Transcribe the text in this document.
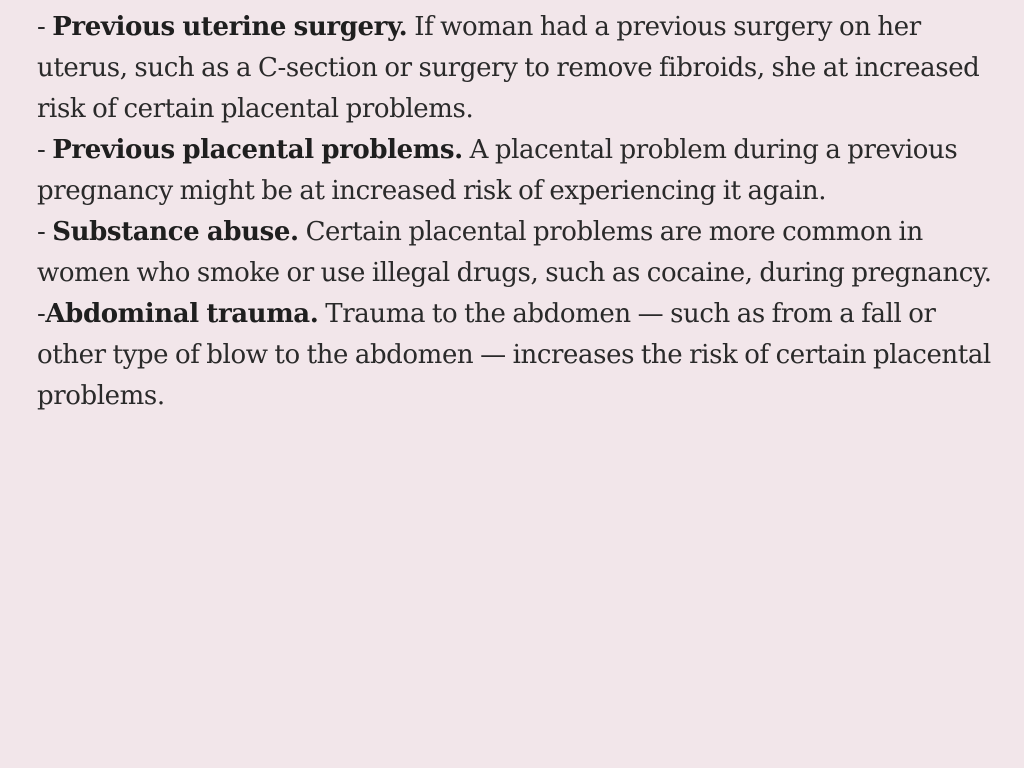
- Previous uterine surgery. If woman had a previous surgery on her uterus, such as a C-section or surgery to remove fibroids, she at increased risk of certain placental problems.

- Previous placental problems. A placental problem during a previous pregnancy might be at increased risk of experiencing it again.

- Substance abuse. Certain placental problems are more common in women who smoke or use illegal drugs, such as cocaine, during pregnancy.

-Abdominal trauma. Trauma to the abdomen — such as from a fall or other type of blow to the abdomen — increases the risk of certain placental problems.
